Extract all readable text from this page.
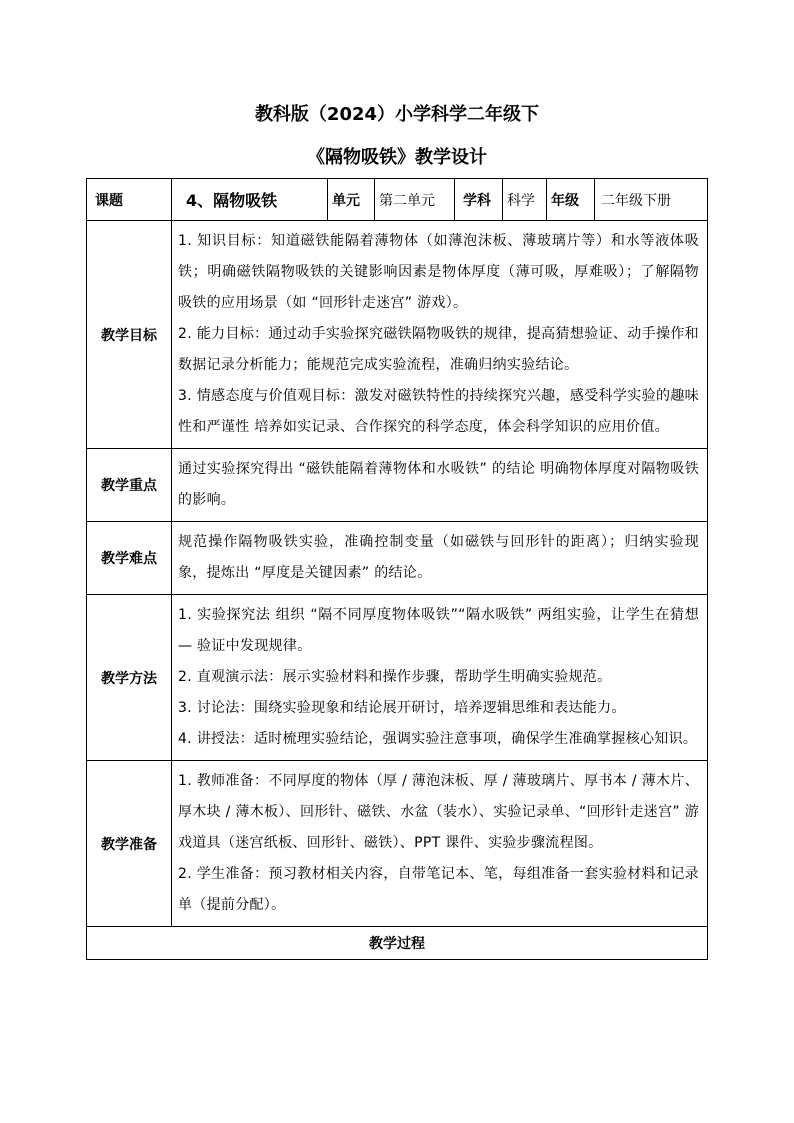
教科版（2024）小学科学二年级下
《隔物吸铁》教学设计
课题	4、隔物吸铁	单元	第二单元	学科	科学	年级	二年级下册
教学目标	1. 知识目标：知道磁铁能隔着薄物体（如薄泡沫板、薄玻璃片等）和水等液体吸铁；明确磁铁隔物吸铁的关键影响因素是物体厚度（薄可吸，厚难吸）；了解隔物吸铁的应用场景（如 “回形针走迷宫” 游戏）。

2. 能力目标：通过动手实验探究磁铁隔物吸铁的规律，提高猜想验证、动手操作和数据记录分析能力；能规范完成实验流程，准确归纳实验结论。

3. 情感态度与价值观目标：激发对磁铁特性的持续探究兴趣，感受科学实验的趣味性和严谨性 培养如实记录、合作探究的科学态度，体会科学知识的应用价值。						

教学重点	通过实验探究得出 “磁铁能隔着薄物体和水吸铁” 的结论 明确物体厚度对隔物吸铁的影响。						

教学难点	规范操作隔物吸铁实验，准确控制变量（如磁铁与回形针的距离）；归纳实验现象，提炼出 “厚度是关键因素” 的结论。						

教学方法	1. 实验探究法 组织 “隔不同厚度物体吸铁”“隔水吸铁” 两组实验，让学生在猜想 — 验证中发现规律。

2. 直观演示法：展示实验材料和操作步骤，帮助学生明确实验规范。

3. 讨论法：围绕实验现象和结论展开研讨，培养逻辑思维和表达能力。

4. 讲授法：适时梳理实验结论，强调实验注意事项，确保学生准确掌握核心知识。						

教学准备	1. 教师准备：不同厚度的物体（厚 / 薄泡沫板、厚 / 薄玻璃片、厚书本 / 薄木片、厚木块 / 薄木板）、回形针、磁铁、水盆（装水）、实验记录单、“回形针走迷宫” 游戏道具（迷宫纸板、回形针、磁铁）、PPT 课件、实验步骤流程图。

2. 学生准备：预习教材相关内容，自带笔记本、笔，每组准备一套实验材料和记录单（提前分配）。						

教学过程							
